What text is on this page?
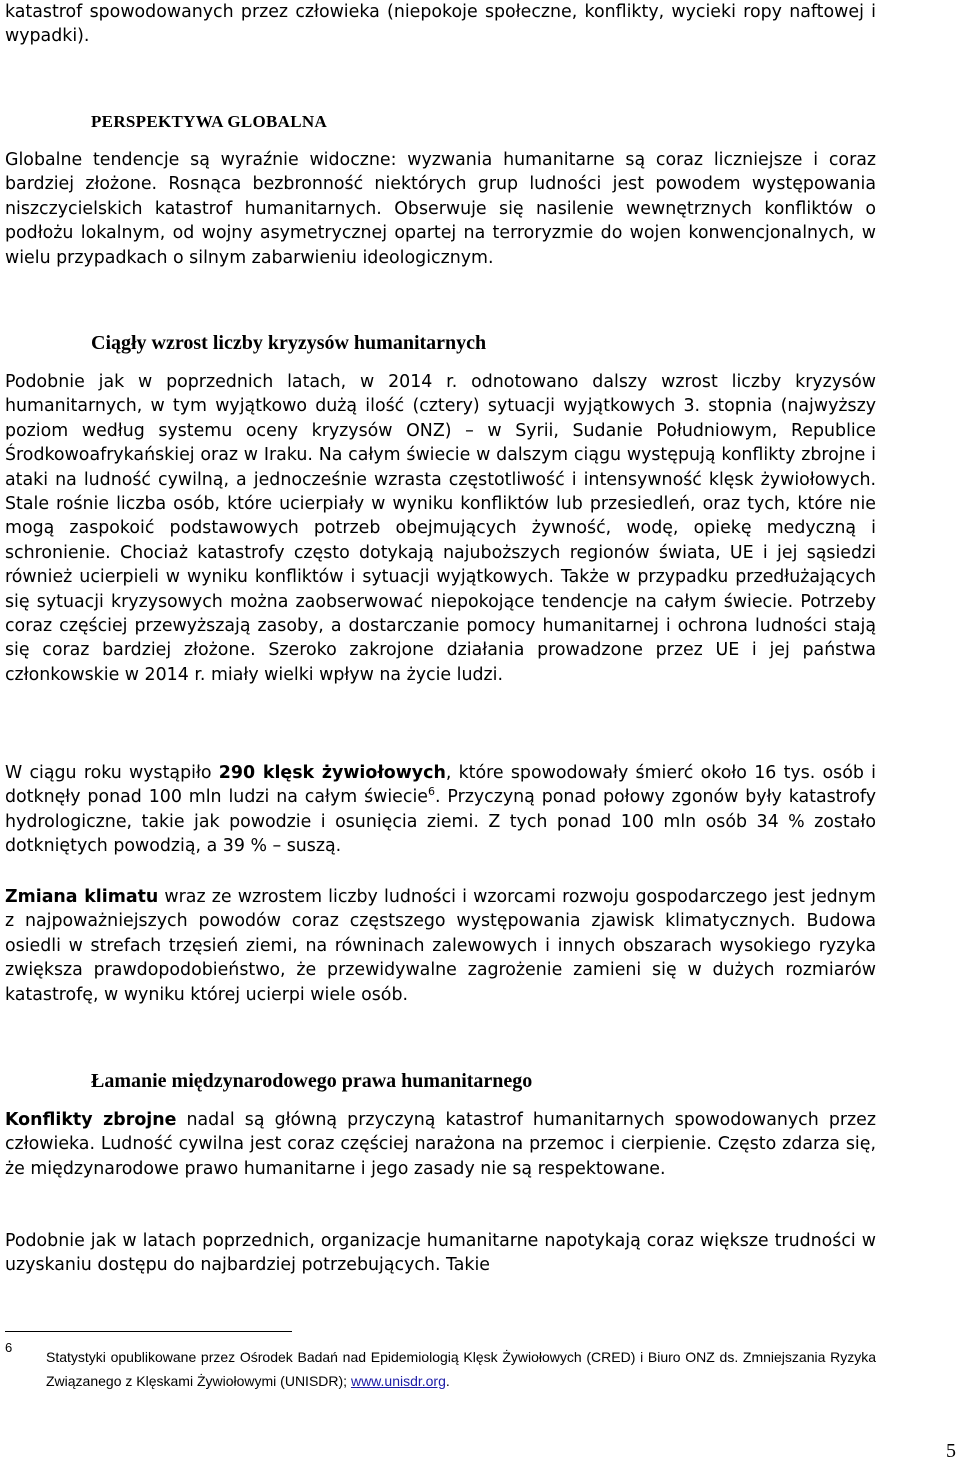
katastrof spowodowanych przez człowieka (niepokoje społeczne, konflikty, wycieki ropy naftowej i wypadki).

PERSPEKTYWA GLOBALNA

Globalne tendencje są wyraźnie widoczne: wyzwania humanitarne są coraz liczniejsze i coraz bardziej złożone. Rosnąca bezbronność niektórych grup ludności jest powodem występowania niszczycielskich katastrof humanitarnych. Obserwuje się nasilenie wewnętrznych konfliktów o podłożu lokalnym, od wojny asymetrycznej opartej na terroryzmie do wojen konwencjonalnych, w wielu przypadkach o silnym zabarwieniu ideologicznym.

Ciągły wzrost liczby kryzysów humanitarnych

Podobnie jak w poprzednich latach, w 2014 r. odnotowano dalszy wzrost liczby kryzysów humanitarnych, w tym wyjątkowo dużą ilość (cztery) sytuacji wyjątkowych 3. stopnia (najwyższy poziom według systemu oceny kryzysów ONZ) – w Syrii, Sudanie Południowym, Republice Środkowoafrykańskiej oraz w Iraku. Na całym świecie w dalszym ciągu występują konflikty zbrojne i ataki na ludność cywilną, a jednocześnie wzrasta częstotliwość i intensywność klęsk żywiołowych. Stale rośnie liczba osób, które ucierpiały w wyniku konfliktów lub przesiedleń, oraz tych, które nie mogą zaspokoić podstawowych potrzeb obejmujących żywność, wodę, opiekę medyczną i schronienie. Chociaż katastrofy często dotykają najuboższych regionów świata, UE i jej sąsiedzi również ucierpieli w wyniku konfliktów i sytuacji wyjątkowych. Także w przypadku przedłużających się sytuacji kryzysowych można zaobserwować niepokojące tendencje na całym świecie. Potrzeby coraz częściej przewyższają zasoby, a dostarczanie pomocy humanitarnej i ochrona ludności stają się coraz bardziej złożone. Szeroko zakrojone działania prowadzone przez UE i jej państwa członkowskie w 2014 r. miały wielki wpływ na życie ludzi.

W ciągu roku wystąpiło 290 klęsk żywiołowych, które spowodowały śmierć około 16 tys. osób i dotknęły ponad 100 mln ludzi na całym świecie$^6$. Przyczyną ponad połowy zgonów były katastrofy hydrologiczne, takie jak powodzie i osunięcia ziemi. Z tych ponad 100 mln osób 34 % zostało dotkniętych powodzią, a 39 % – suszą.

Zmiana klimatu wraz ze wzrostem liczby ludności i wzorcami rozwoju gospodarczego jest jednym z najpoważniejszych powodów coraz częstszego występowania zjawisk klimatycznych. Budowa osiedli w strefach trzęsień ziemi, na równinach zalewowych i innych obszarach wysokiego ryzyka zwiększa prawdopodobieństwo, że przewidywalne zagrożenie zamieni się w dużych rozmiarów katastrofę, w wyniku której ucierpi wiele osób.

Łamanie międzynarodowego prawa humanitarnego

Konflikty zbrojne nadal są główną przyczyną katastrof humanitarnych spowodowanych przez człowieka. Ludność cywilna jest coraz częściej narażona na przemoc i cierpienie. Często zdarza się, że międzynarodowe prawo humanitarne i jego zasady nie są respektowane.

Podobnie jak w latach poprzednich, organizacje humanitarne napotykają coraz większe trudności w uzyskaniu dostępu do najbardziej potrzebujących. Takie

6

Statystyki opublikowane przez Ośrodek Badań nad Epidemiologią Klęsk Żywiołowych (CRED) i Biuro ONZ ds. Zmniejszania Ryzyka Związanego z Klęskami Żywiołowymi (UNISDR); www.unisdr.org.

5
